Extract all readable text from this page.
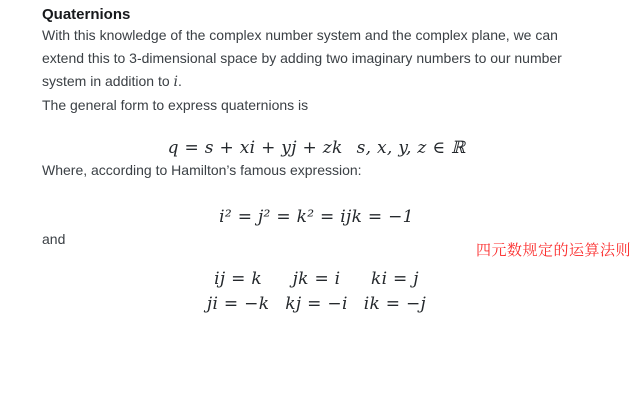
Quaternions

With this knowledge of the complex number system and the complex plane, we can
extend this to 3-dimensional space by adding two imaginary numbers to our number
system in addition to i.

The general form to express quaternions is

q = s + xi + yj + zk s, x, y, z ∈ ℝ

Where, according to Hamilton’s famous expression:

i² = j² = k² = ijk = −1

and

ij = k	jk = i	ki = j
ji = −k kj = −i ik = −j
四元数规定的运算法则
